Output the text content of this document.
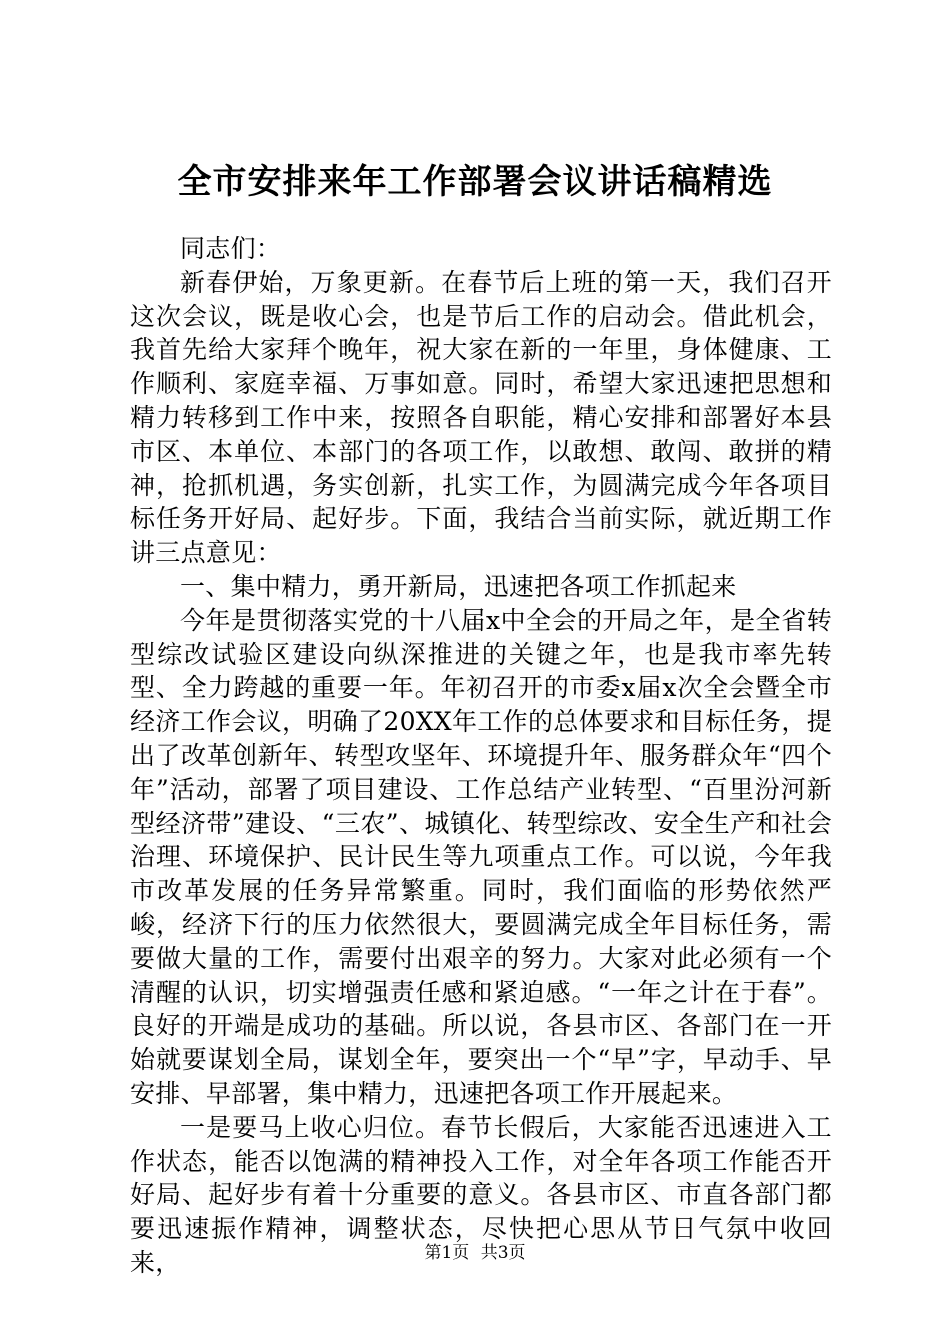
全市安排来年工作部署会议讲话稿精选

同志们：

新春伊始，万象更新。在春节后上班的第一天，我们召开这次会议，既是收心会，也是节后工作的启动会。借此机会，我首先给大家拜个晚年，祝大家在新的一年里，身体健康、工作顺利、家庭幸福、万事如意。同时，希望大家迅速把思想和精力转移到工作中来，按照各自职能，精心安排和部署好本县市区、本单位、本部门的各项工作，以敢想、敢闯、敢拼的精神，抢抓机遇，务实创新，扎实工作，为圆满完成今年各项目标任务开好局、起好步。下面，我结合当前实际，就近期工作讲三点意见：

一、集中精力，勇开新局，迅速把各项工作抓起来

今年是贯彻落实党的十八届x中全会的开局之年，是全省转型综改试验区建设向纵深推进的关键之年，也是我市率先转型、全力跨越的重要一年。年初召开的市委x届x次全会暨全市经济工作会议，明确了20XX年工作的总体要求和目标任务，提出了改革创新年、转型攻坚年、环境提升年、服务群众年“四个年”活动，部署了项目建设、工作总结产业转型、“百里汾河新型经济带”建设、“三农”、城镇化、转型综改、安全生产和社会治理、环境保护、民计民生等九项重点工作。可以说，今年我市改革发展的任务异常繁重。同时，我们面临的形势依然严峻，经济下行的压力依然很大，要圆满完成全年目标任务，需要做大量的工作，需要付出艰辛的努力。大家对此必须有一个清醒的认识，切实增强责任感和紧迫感。“一年之计在于春”。良好的开端是成功的基础。所以说，各县市区、各部门在一开始就要谋划全局，谋划全年，要突出一个“早”字，早动手、早安排、早部署，集中精力，迅速把各项工作开展起来。

一是要马上收心归位。春节长假后，大家能否迅速进入工作状态，能否以饱满的精神投入工作，对全年各项工作能否开好局、起好步有着十分重要的意义。各县市区、市直各部门都要迅速振作精神，调整状态，尽快把心思从节日气氛中收回来，	第1页 共3页
